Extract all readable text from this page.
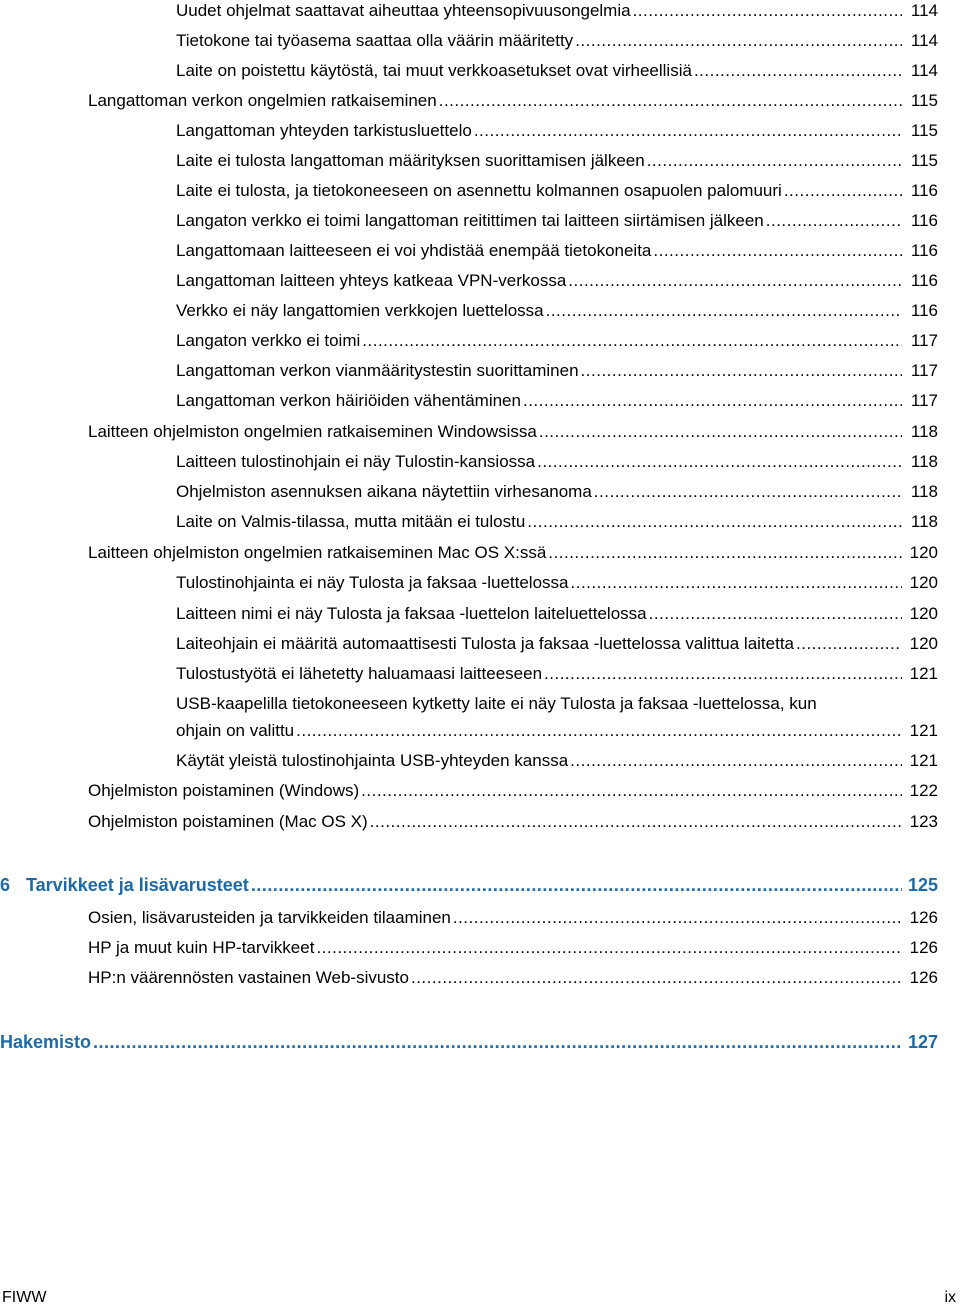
Uudet ohjelmat saattavat aiheuttaa yhteensopivuusongelmia .....	114
Tietokone tai työasema saattaa olla väärin määritetty .....	114
Laite on poistettu käytöstä, tai muut verkkoasetukset ovat virheellisiä .....	114
Langattoman verkon ongelmien ratkaiseminen .....	115
Langattoman yhteyden tarkistusluettelo .....	115
Laite ei tulosta langattoman määrityksen suorittamisen jälkeen .....	115
Laite ei tulosta, ja tietokoneeseen on asennettu kolmannen osapuolen palomuuri .....	116
Langaton verkko ei toimi langattoman reitittimen tai laitteen siirtämisen jälkeen .....	116
Langattomaan laitteeseen ei voi yhdistää enempää tietokoneita .....	116
Langattoman laitteen yhteys katkeaa VPN-verkossa .....	116
Verkko ei näy langattomien verkkojen luettelossa .....	116
Langaton verkko ei toimi .....	117
Langattoman verkon vianmääritystestin suorittaminen .....	117
Langattoman verkon häiriöiden vähentäminen .....	117
Laitteen ohjelmiston ongelmien ratkaiseminen Windowsissa .....	118
Laitteen tulostinohjain ei näy Tulostin-kansiossa .....	118
Ohjelmiston asennuksen aikana näytettiin virhesanoma .....	118
Laite on Valmis-tilassa, mutta mitään ei tulostu .....	118
Laitteen ohjelmiston ongelmien ratkaiseminen Mac OS X:ssä .....	120
Tulostinohjainta ei näy Tulosta ja faksaa -luettelossa .....	120
Laitteen nimi ei näy Tulosta ja faksaa -luettelon laiteluettelossa .....	120
Laiteohjain ei määritä automaattisesti Tulosta ja faksaa -luettelossa valittua laitetta .....	120
Tulostustyötä ei lähetetty haluamaasi laitteeseen .....	121
USB-kaapelilla tietokoneeseen kytketty laite ei näy Tulosta ja faksaa -luettelossa, kun
ohjain on valittu .....	121
Käytät yleistä tulostinohjainta USB-yhteyden kanssa .....	121
Ohjelmiston poistaminen (Windows) .....	122
Ohjelmiston poistaminen (Mac OS X) .....	123
6 Tarvikkeet ja lisävarusteet .....	125
Osien, lisävarusteiden ja tarvikkeiden tilaaminen .....	126
HP ja muut kuin HP-tarvikkeet .....	126
HP:n väärennösten vastainen Web-sivusto .....	126
Hakemisto .....	127
FIWW	ix
